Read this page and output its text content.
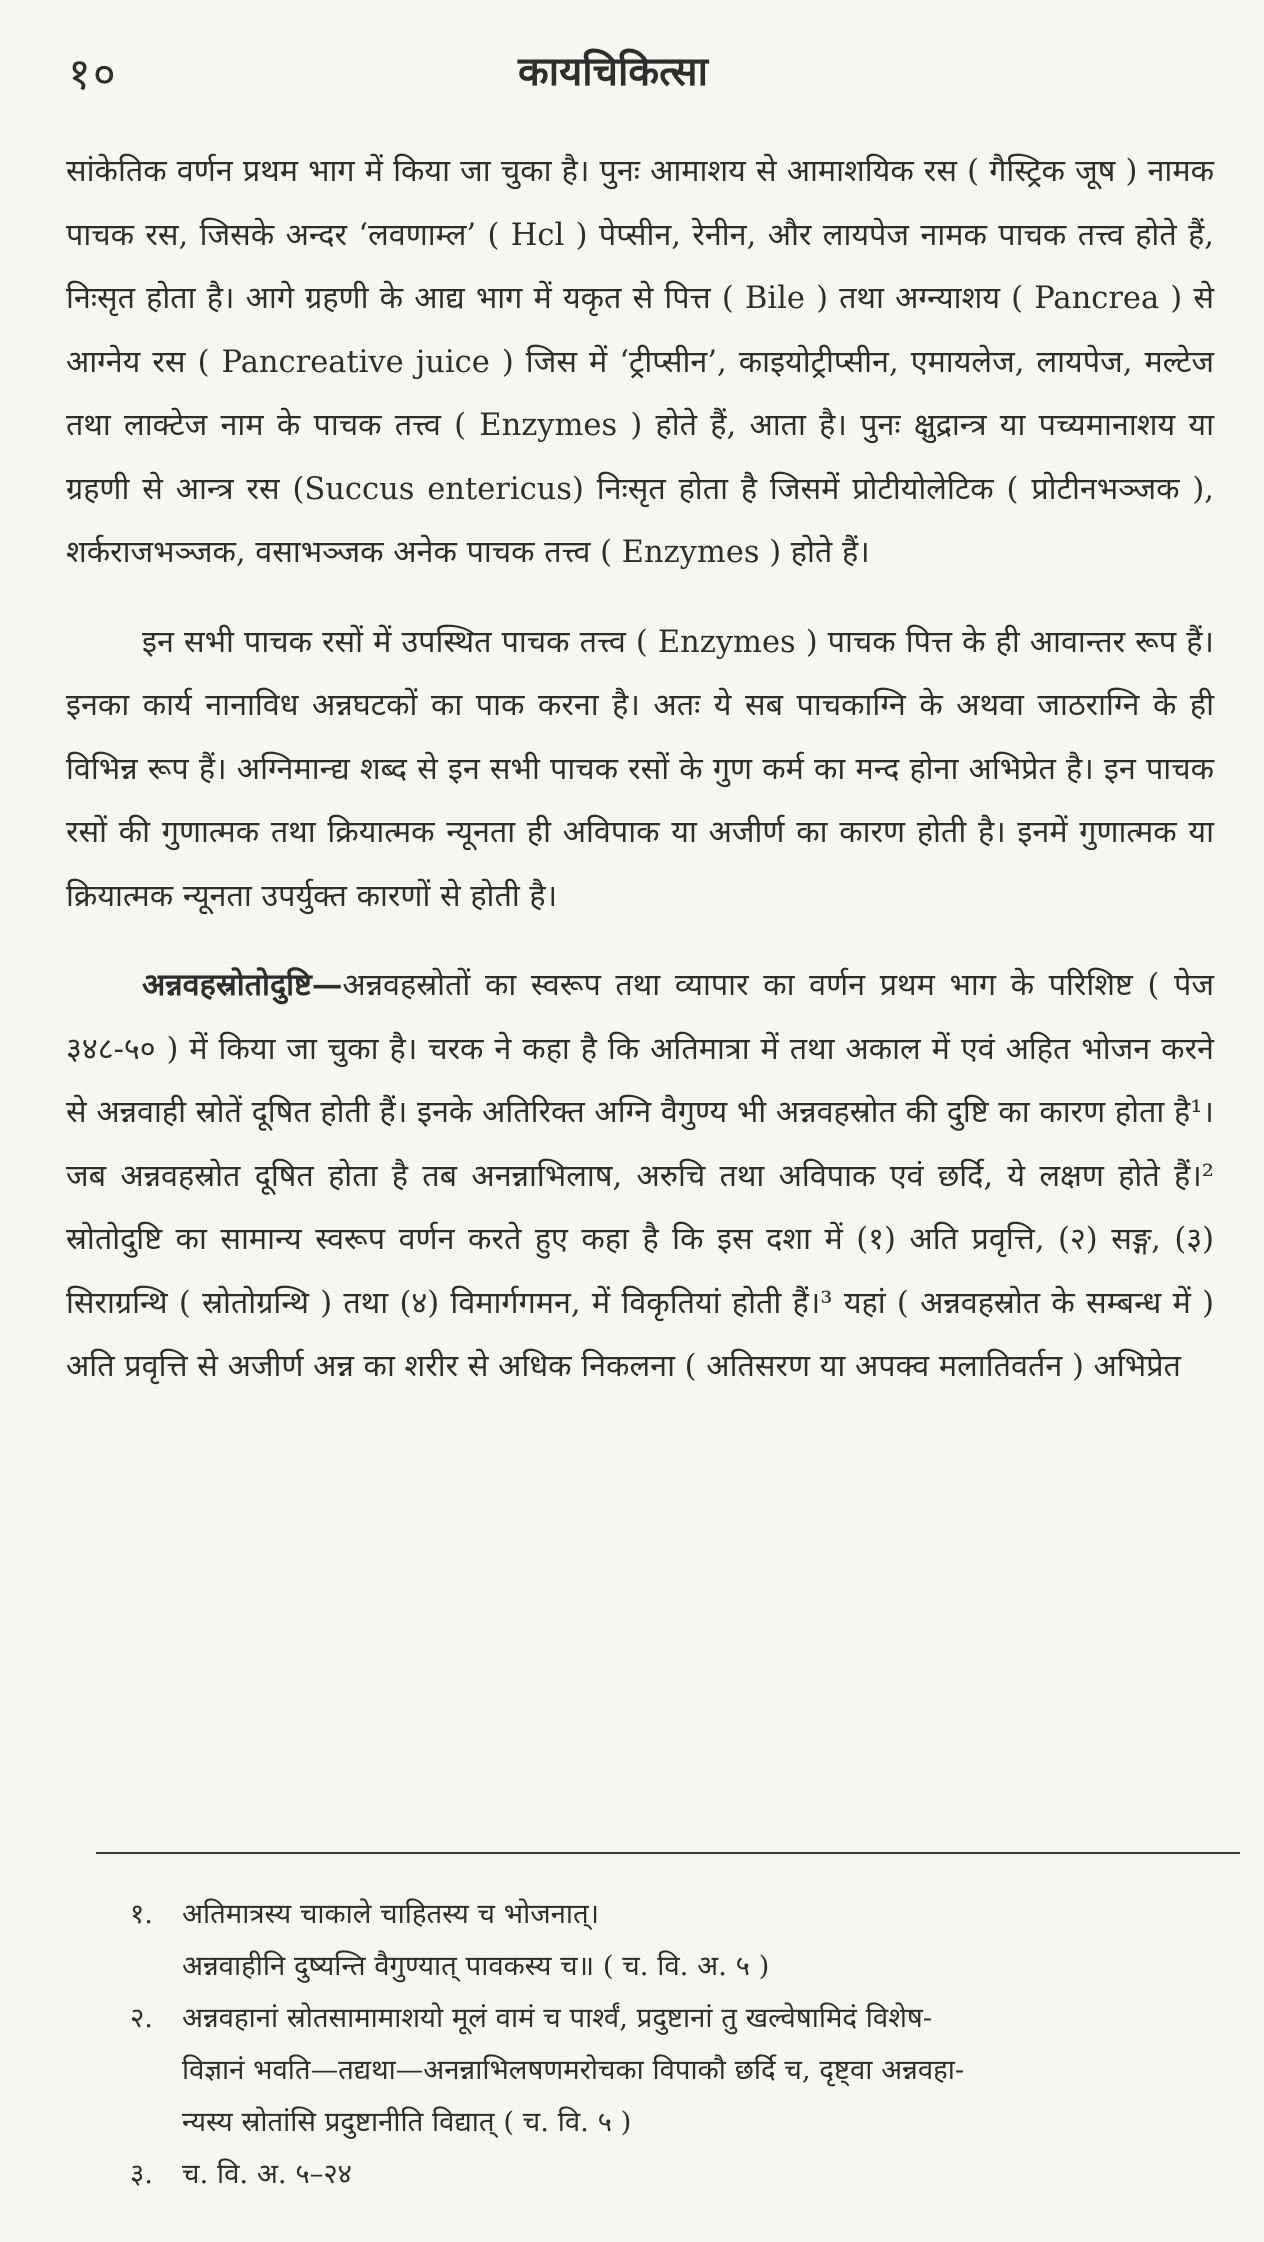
१०	कायचिकित्सा

सांकेतिक वर्णन प्रथम भाग में किया जा चुका है। पुनः आमाशय से आमाशयिक रस ( गैस्ट्रिक जूष ) नामक पाचक रस, जिसके अन्दर ‘लवणाम्ल’ ( Hcl ) पेप्सीन, रेनीन, और लायपेज नामक पाचक तत्त्व होते हैं, निःसृत होता है। आगे ग्रहणी के आद्य भाग में यकृत से पित्त ( Bile ) तथा अग्न्याशय ( Pancrea ) से आग्नेय रस ( Pancreative juice ) जिस में ‘ट्रीप्सीन’, काइयोट्रीप्सीन, एमायलेज, लायपेज, मल्टेज तथा लाक्टेज नाम के पाचक तत्त्व ( Enzymes ) होते हैं, आता है। पुनः क्षुद्रान्त्र या पच्यमानाशय या ग्रहणी से आन्त्र रस (Succus entericus) निःसृत होता है जिसमें प्रोटीयोलेटिक ( प्रोटीनभञ्जक ), शर्कराजभञ्जक, वसाभञ्जक अनेक पाचक तत्त्व ( Enzymes ) होते हैं।

इन सभी पाचक रसों में उपस्थित पाचक तत्त्व ( Enzymes ) पाचक पित्त के ही आवान्तर रूप हैं। इनका कार्य नानाविध अन्नघटकों का पाक करना है। अतः ये सब पाचकाग्नि के अथवा जाठराग्नि के ही विभिन्न रूप हैं। अग्निमान्द्य शब्द से इन सभी पाचक रसों के गुण कर्म का मन्द होना अभिप्रेत है। इन पाचक रसों की गुणात्मक तथा क्रियात्मक न्यूनता ही अविपाक या अजीर्ण का कारण होती है। इनमें गुणात्मक या क्रियात्मक न्यूनता उपर्युक्त कारणों से होती है।

अन्नवहस्रोतोदुष्टि—अन्नवहस्रोतों का स्वरूप तथा व्यापार का वर्णन प्रथम भाग के परिशिष्ट ( पेज ३४८-५० ) में किया जा चुका है। चरक ने कहा है कि अतिमात्रा में तथा अकाल में एवं अहित भोजन करने से अन्नवाही स्रोतें दूषित होती हैं। इनके अतिरिक्त अग्नि वैगुण्य भी अन्नवहस्रोत की दुष्टि का कारण होता है¹। जब अन्नवहस्रोत दूषित होता है तब अनन्नाभिलाष, अरुचि तथा अविपाक एवं छर्दि, ये लक्षण होते हैं।² स्रोतोदुष्टि का सामान्य स्वरूप वर्णन करते हुए कहा है कि इस दशा में (१) अति प्रवृत्ति, (२) सङ्ग, (३) सिराग्रन्थि ( स्रोतोग्रन्थि ) तथा (४) विमार्गगमन, में विकृतियां होती हैं।³ यहां ( अन्नवहस्रोत के सम्बन्ध में ) अति प्रवृत्ति से अजीर्ण अन्न का शरीर से अधिक निकलना ( अतिसरण या अपक्व मलातिवर्तन ) अभिप्रेत

१.	अतिमात्रस्य चाकाले चाहितस्य च भोजनात्।
अन्नवाहीनि दुष्यन्ति वैगुण्यात् पावकस्य च॥ ( च. वि. अ. ५ )
२.	अन्नवहानां स्रोतसामामाशयो मूलं वामं च पार्श्वं, प्रदुष्टानां तु खल्वेषामिदं विशेष-
विज्ञानं भवति—तद्यथा—अनन्नाभिलषणमरोचका विपाकौ छर्दि च, दृष्ट्वा अन्नवहा-
न्यस्य स्रोतांसि प्रदुष्टानीति विद्यात् ( च. वि. ५ )
३.	च. वि. अ. ५–२४
